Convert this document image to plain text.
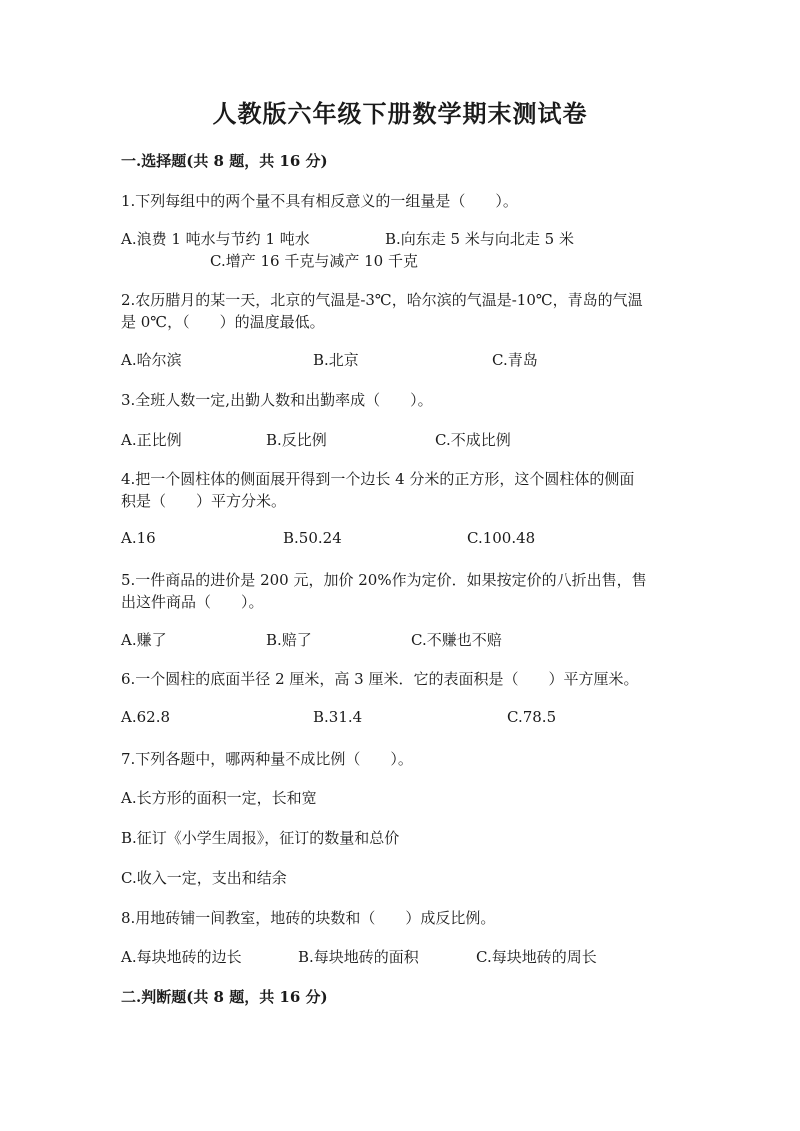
人教版六年级下册数学期末测试卷
一.选择题(共 8 题，共 16 分)
1.下列每组中的两个量不具有相反意义的一组量是（　　）。
A.浪费 1 吨水与节约 1 吨水	B.向东走 5 米与向北走 5 米
C.增产 16 千克与减产 10 千克
2.农历腊月的某一天，北京的气温是-3℃，哈尔滨的气温是-10℃，青岛的气温
是 0℃，（　　）的温度最低。
A.哈尔滨	B.北京	C.青岛
3.全班人数一定,出勤人数和出勤率成（　　）。
A.正比例	B.反比例	C.不成比例
4.把一个圆柱体的侧面展开得到一个边长 4 分米的正方形，这个圆柱体的侧面
积是（　　）平方分米。
A.16	B.50.24	C.100.48
5.一件商品的进价是 200 元，加价 20%作为定价．如果按定价的八折出售，售
出这件商品（　　）。
A.赚了	B.赔了	C.不赚也不赔
6.一个圆柱的底面半径 2 厘米，高 3 厘米．它的表面积是（　　）平方厘米。
A.62.8	B.31.4	C.78.5
7.下列各题中，哪两种量不成比例（　　）。
A.长方形的面积一定，长和宽
B.征订《小学生周报》，征订的数量和总价
C.收入一定，支出和结余
8.用地砖铺一间教室，地砖的块数和（　　）成反比例。
A.每块地砖的边长	B.每块地砖的面积	C.每块地砖的周长
二.判断题(共 8 题，共 16 分)
